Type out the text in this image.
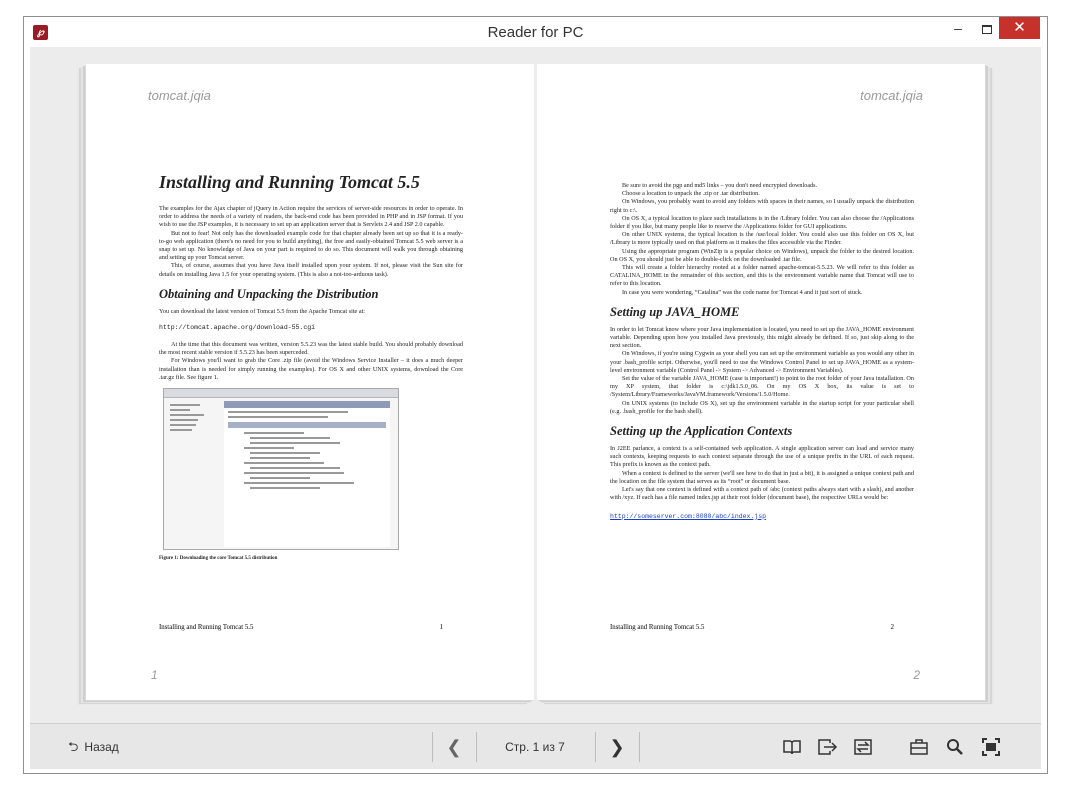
℘	Reader for PC	–	✕
tomcat.jqia
Installing and Running Tomcat 5.5

The examples for the Ajax chapter of jQuery in Action require the services of server-side resources in order to operate. In order to address the needs of a variety of readers, the back-end code has been provided in PHP and in JSP format. If you wish to use the JSP examples, it is necessary to set up an application server that is Servlets 2.4 and JSP 2.0 capable.

But not to fear! Not only has the downloaded example code for that chapter already been set up so that it is a ready-to-go web application (there's no need for you to build anything), the free and easily-obtained Tomcat 5.5 web server is a snap to set up. No knowledge of Java on your part is required to do so. This document will walk you through obtaining and setting up your Tomcat server.

This, of course, assumes that you have Java itself installed upon your system. If not, please visit the Sun site for details on installing Java 1.5 for your operating system. (This is also a not-too-arduous task).

Obtaining and Unpacking the Distribution

You can download the latest version of Tomcat 5.5 from the Apache Tomcat site at:

http://tomcat.apache.org/download-55.cgi

At the time that this document was written, version 5.5.23 was the latest stable build. You should probably download the most recent stable version if 5.5.23 has been superceded.

For Windows you'll want to grab the Core .zip file (avoid the Windows Service Installer – it does a much deeper installation than is needed for simply running the examples). For OS X and other UNIX systems, download the Core .tar.gz file. See figure 1.

Figure 1: Downloading the core Tomcat 5.5 distribution
Installing and Running Tomcat 5.5	1
1
tomcat.jqia

Be sure to avoid the pgp and md5 links – you don't need encrypted downloads.

Choose a location to unpack the .zip or .tar distribution.

On Windows, you probably want to avoid any folders with spaces in their names, so I usually unpack the distribution right to c:\.

On OS X, a typical location to place such installations is in the /Library folder. You can also choose the /Applications folder if you like, but many people like to reserve the /Applications folder for GUI applications.

On other UNIX systems, the typical location is the /usr/local folder. You could also use this folder on OS X, but /Library is more typically used on that platform as it makes the files accessible via the Finder.

Using the appropriate program (WinZip is a popular choice on Windows), unpack the folder to the desired location. On OS X, you should just be able to double-click on the downloaded .tar file.

This will create a folder hierarchy rooted at a folder named apache-tomcat-5.5.23. We will refer to this folder as CATALINA_HOME in the remainder of this section, and this is the environment variable name that Tomcat will use to refer to this location.

In case you were wondering, “Catalina” was the code name for Tomcat 4 and it just sort of stuck.

Setting up JAVA_HOME

In order to let Tomcat know where your Java implementation is located, you need to set up the JAVA_HOME environment variable. Depending upon how you installed Java previously, this might already be defined. If so, just skip along to the next section.

On Windows, if you're using Cygwin as your shell you can set up the environment variable as you would any other in your .bash_profile script. Otherwise, you'll need to use the Windows Control Panel to set up JAVA_HOME as a system-level environment variable (Control Panel -> System -> Advanced -> Environment Variables).

Set the value of the variable JAVA_HOME (case is important!) to point to the root folder of your Java installation. On my XP system, that folder is c:\jdk1.5.0_06. On my OS X box, its value is set to /System/Library/Frameworks/JavaVM.framework/Versions/1.5.0/Home.

On UNIX systems (to include OS X), set up the environment variable in the startup script for your particular shell (e.g. .bash_profile for the bash shell).

Setting up the Application Contexts

In J2EE parlance, a context is a self-contained web application. A single application server can load and service many such contexts, keeping requests to each context separate through the use of a unique prefix in the URL of each request. This prefix is known as the context path.

When a context is defined to the server (we'll see how to do that in just a bit), it is assigned a unique context path and the location on the file system that serves as its “root” or document base.

Let's say that one context is defined with a context path of /abc (context paths always start with a slash), and another with /xyz. If each has a file named index.jsp at their root folder (document base), the respective URLs would be:

http://someserver.com:8080/abc/index.jsp
Installing and Running Tomcat 5.5	2
2
⮌ Назад	❮	Стр. 1 из 7	❯
